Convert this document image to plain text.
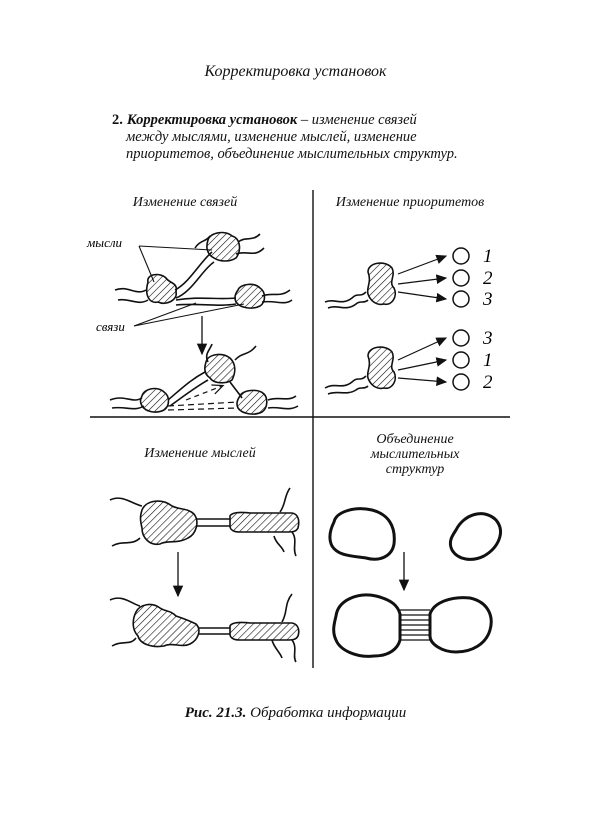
Корректировка установок
2. Корректировка установок – изменение связей
между мыслями, изменение мыслей, изменение
приоритетов, объединение мыслительных структур.
Изменение связей	Изменение приоритетов
Изменение мыслей
Объединение
мыслительных
структур
мысли
связи
1
2
3
3
1
2
Рис. 21.3. Обработка информации
